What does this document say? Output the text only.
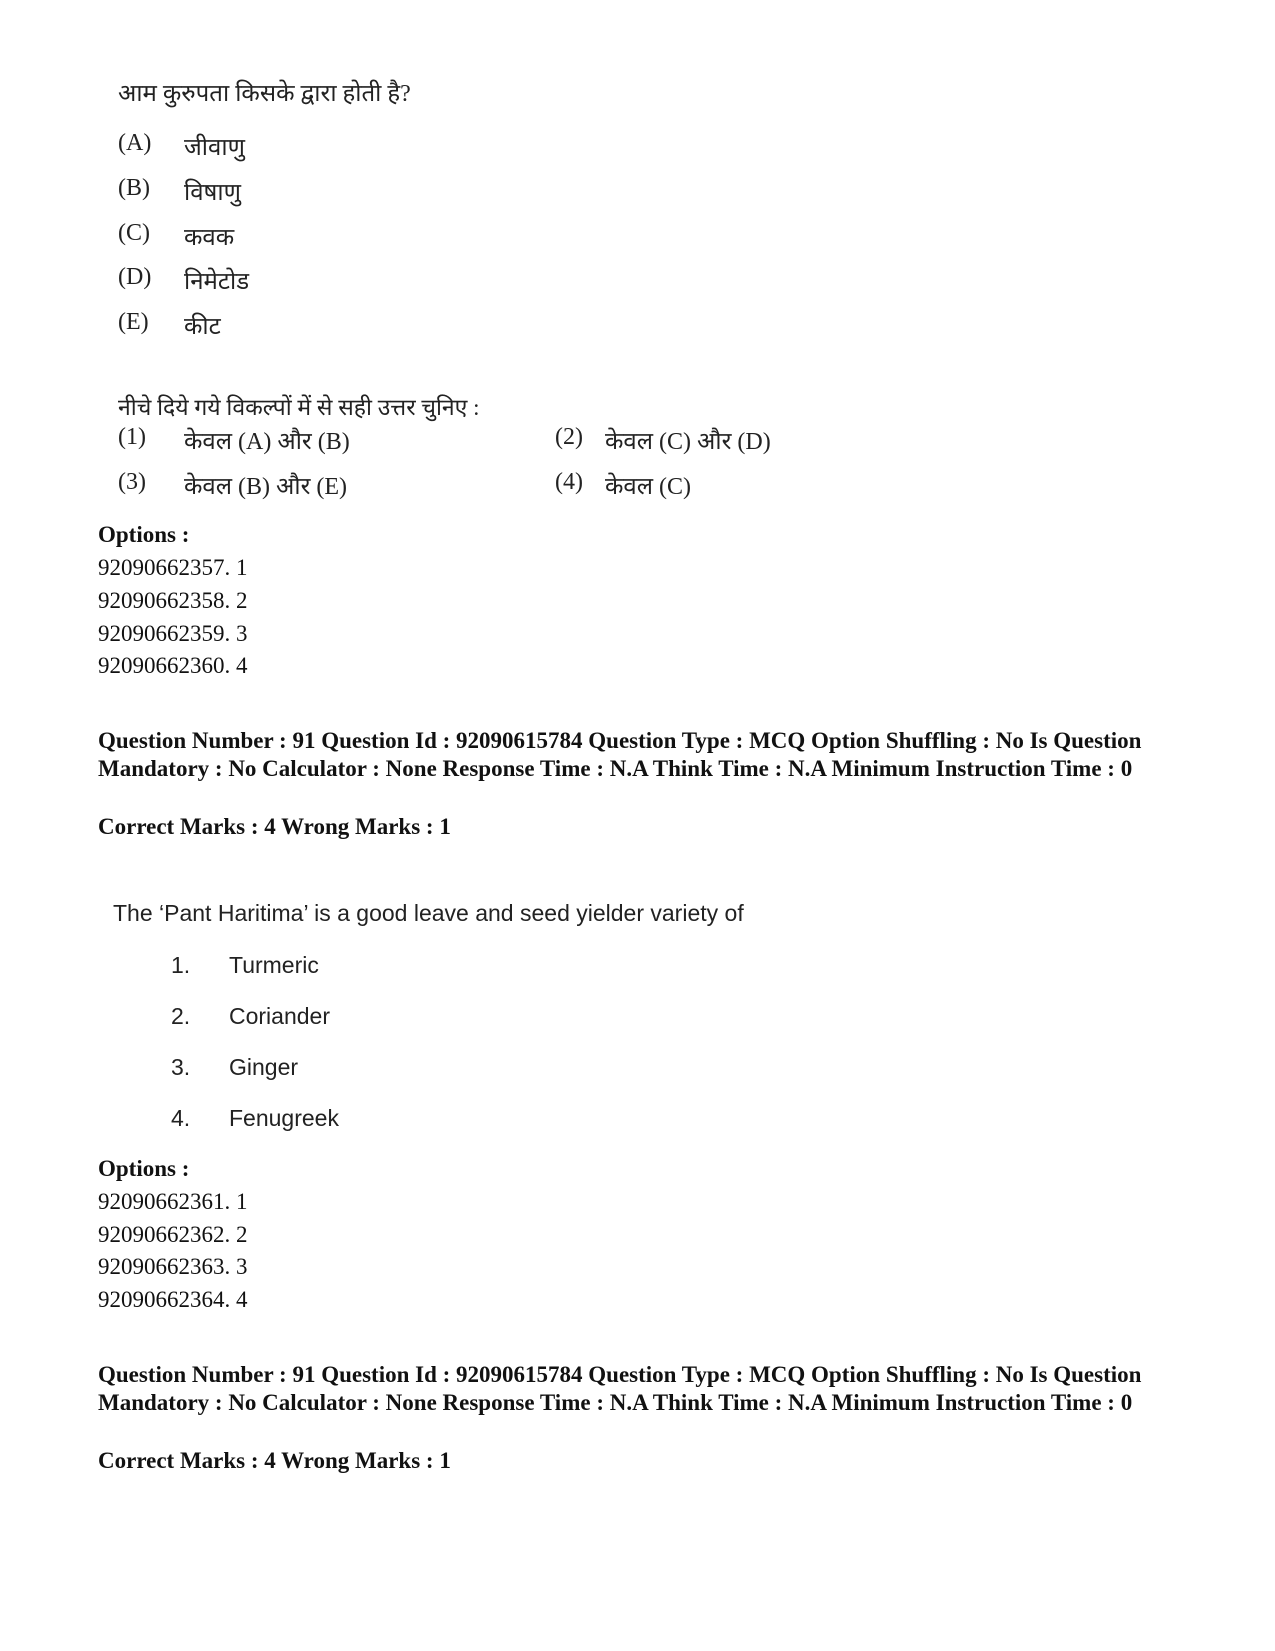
आम कुरुपता किसके द्वारा होती है?
(A)	जीवाणु
(B)	विषाणु
(C)	कवक
(D)	निमेटोड
(E)	कीट
नीचे दिये गये विकल्पों में से सही उत्तर चुनिए :
(1)	केवल (A) और (B)	(2) केवल (C) और (D)
(3)	केवल (B) और (E)	(4) केवल (C)
Options :
92090662357. 1
92090662358. 2
92090662359. 3
92090662360. 4
Question Number : 91 Question Id : 92090615784 Question Type : MCQ Option Shuffling : No Is Question Mandatory : No Calculator : None Response Time : N.A Think Time : N.A Minimum Instruction Time : 0
Correct Marks : 4 Wrong Marks : 1
The ‘Pant Haritima’ is a good leave and seed yielder variety of
1.	Turmeric
2.	Coriander
3.	Ginger
4.	Fenugreek
Options :
92090662361. 1
92090662362. 2
92090662363. 3
92090662364. 4
Question Number : 91 Question Id : 92090615784 Question Type : MCQ Option Shuffling : No Is Question Mandatory : No Calculator : None Response Time : N.A Think Time : N.A Minimum Instruction Time : 0
Correct Marks : 4 Wrong Marks : 1
